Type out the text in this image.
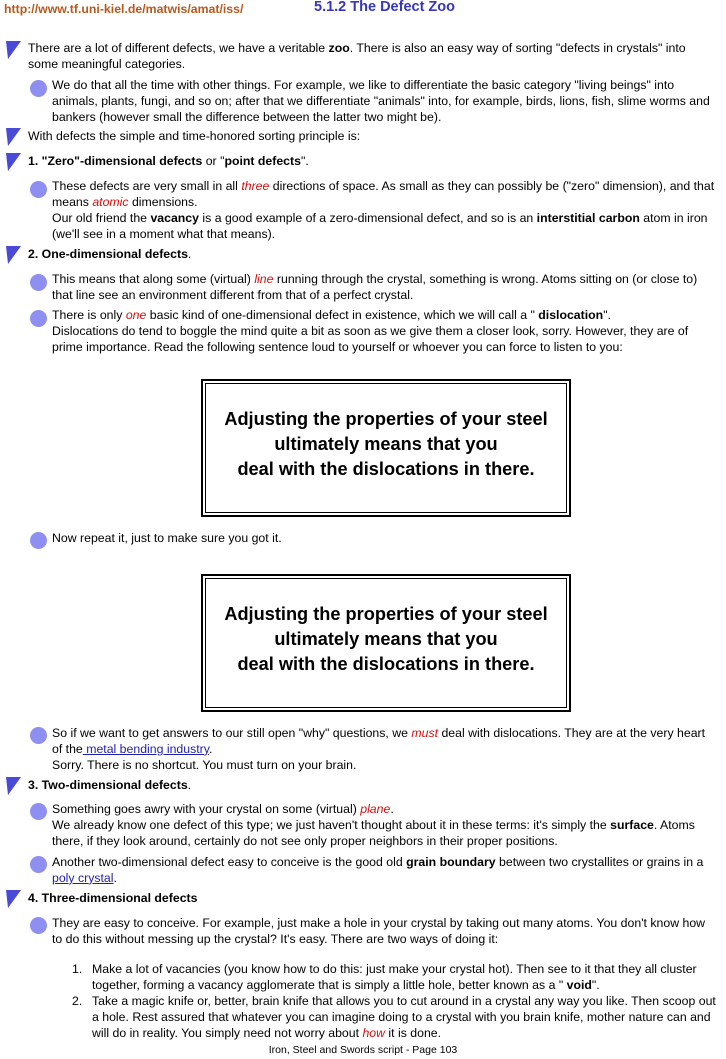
http://www.tf.uni-kiel.de/matwis/amat/iss/	5.1.2 The Defect Zoo
There are a lot of different defects, we have a veritable zoo. There is also an easy way of sorting "defects in crystals" into some meaningful categories.
We do that all the time with other things. For example, we like to differentiate the basic category "living beings" into animals, plants, fungi, and so on; after that we differentiate "animals" into, for example, birds, lions, fish, slime worms and bankers (however small the difference between the latter two might be).
With defects the simple and time-honored sorting principle is:
1. "Zero"-dimensional defects or "point defects".
These defects are very small in all three directions of space. As small as they can possibly be ("zero" dimension), and that means atomic dimensions.
Our old friend the vacancy is a good example of a zero-dimensional defect, and so is an interstitial carbon atom in iron (we'll see in a moment what that means).
2. One-dimensional defects.
This means that along some (virtual) line running through the crystal, something is wrong. Atoms sitting on (or close to) that line see an environment different from that of a perfect crystal.
There is only one basic kind of one-dimensional defect in existence, which we will call a " dislocation".
Dislocations do tend to boggle the mind quite a bit as soon as we give them a closer look, sorry. However, they are of prime importance. Read the following sentence loud to yourself or whoever you can force to listen to you:
Adjusting the properties of your steel
ultimately means that you
deal with the dislocations in there.
Now repeat it, just to make sure you got it.
Adjusting the properties of your steel
ultimately means that you
deal with the dislocations in there.
So if we want to get answers to our still open "why" questions, we must deal with dislocations. They are at the very heart of the metal bending industry.
Sorry. There is no shortcut. You must turn on your brain.
3. Two-dimensional defects.
Something goes awry with your crystal on some (virtual) plane.
We already know one defect of this type; we just haven't thought about it in these terms: it's simply the surface. Atoms there, if they look around, certainly do not see only proper neighbors in their proper positions.
Another two-dimensional defect easy to conceive is the good old grain boundary between two crystallites or grains in a poly crystal.
4. Three-dimensional defects
They are easy to conceive. For example, just make a hole in your crystal by taking out many atoms. You don't know how to do this without messing up the crystal? It's easy. There are two ways of doing it:
1. Make a lot of vacancies (you know how to do this: just make your crystal hot). Then see to it that they all cluster together, forming a vacancy agglomerate that is simply a little hole, better known as a " void".
2. Take a magic knife or, better, brain knife that allows you to cut around in a crystal any way you like. Then scoop out a hole. Rest assured that whatever you can imagine doing to a crystal with you brain knife, mother nature can and will do in reality. You simply need not worry about how it is done.
Iron, Steel and Swords script - Page 103
